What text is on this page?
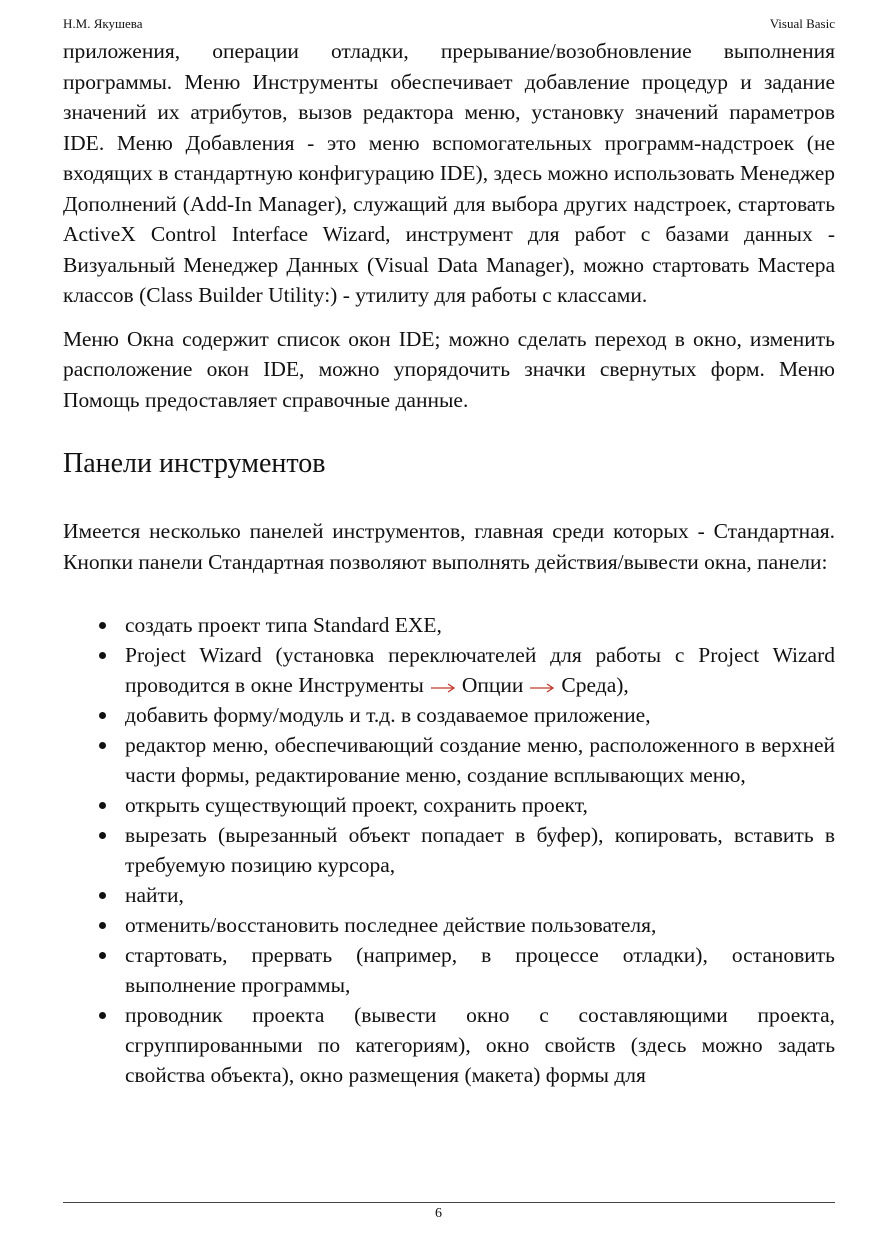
Н.М. Якушева	Visual Basic

приложения, операции отладки, прерывание/возобновление выполнения программы. Меню Инструменты обеспечивает добавление процедур и задание значений их атрибутов, вызов редактора меню, установку значений параметров IDE. Меню Добавления - это меню вспомогательных программ-надстроек (не входящих в стандартную конфигурацию IDE), здесь можно использовать Менеджер Дополнений (Add-In Manager), служащий для выбора других надстроек, стартовать ActiveX Control Interface Wizard, инструмент для работ с базами данных - Визуальный Менеджер Данных (Visual Data Manager), можно стартовать Мастера классов (Class Builder Utility:) - утилиту для работы с классами.

Меню Окна содержит список окон IDE; можно сделать переход в окно, изменить расположение окон IDE, можно упорядочить значки свернутых форм. Меню Помощь предоставляет справочные данные.

Панели инструментов

Имеется несколько панелей инструментов, главная среди которых - Стандартная. Кнопки панели Стандартная позволяют выполнять действия/вывести окна, панели:

создать проект типа Standard EXE,
Project Wizard (установка переключателей для работы с Project Wizard проводится в окне Инструменты Опции Среда),
добавить форму/модуль и т.д. в создаваемое приложение,
редактор меню, обеспечивающий создание меню, расположенного в верхней части формы, редактирование меню, создание всплывающих меню,
открыть существующий проект, сохранить проект,
вырезать (вырезанный объект попадает в буфер), копировать, вставить в требуемую позицию курсора,
найти,
отменить/восстановить последнее действие пользователя,
стартовать, прервать (например, в процессе отладки), остановить выполнение программы,
проводник проекта (вывести окно с составляющими проекта, сгруппированными по категориям), окно свойств (здесь можно задать свойства объекта), окно размещения (макета) формы для
6
